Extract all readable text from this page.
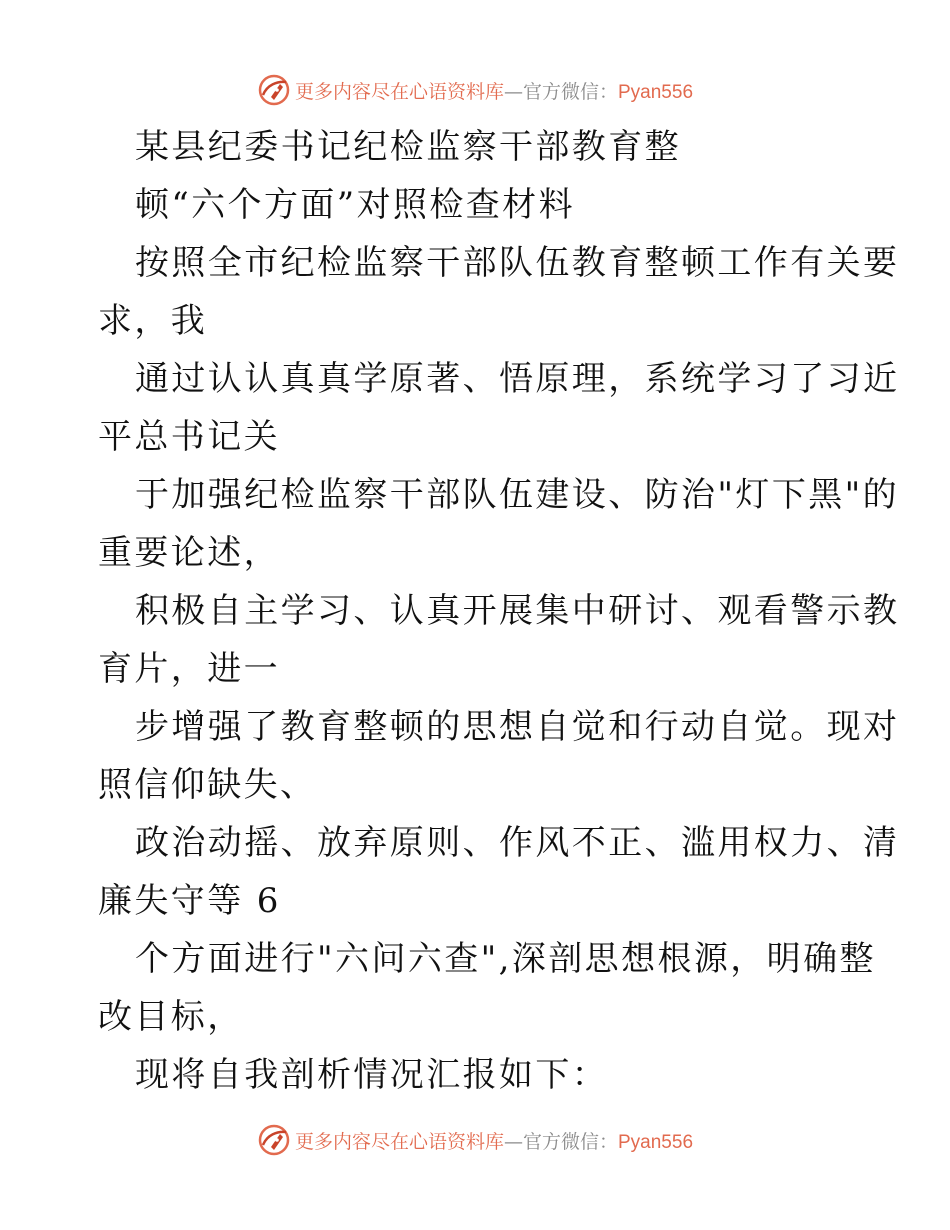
更多内容尽在心语资料库—官方微信：Pyan556
某县纪委书记纪检监察干部教育整
顿“六个方面”对照检查材料
按照全市纪检监察干部队伍教育整顿工作有关要
求，我
通过认认真真学原著、悟原理，系统学习了习近
平总书记关
于加强纪检监察干部队伍建设、防治"灯下黑"的
重要论述，
积极自主学习、认真开展集中研讨、观看警示教
育片，进一
步增强了教育整顿的思想自觉和行动自觉。现对
照信仰缺失、
政治动摇、放弃原则、作风不正、滥用权力、清
廉失守等 6
个方面进行"六问六查",深剖思想根源，明确整
改目标，
现将自我剖析情况汇报如下：
更多内容尽在心语资料库—官方微信：Pyan556
